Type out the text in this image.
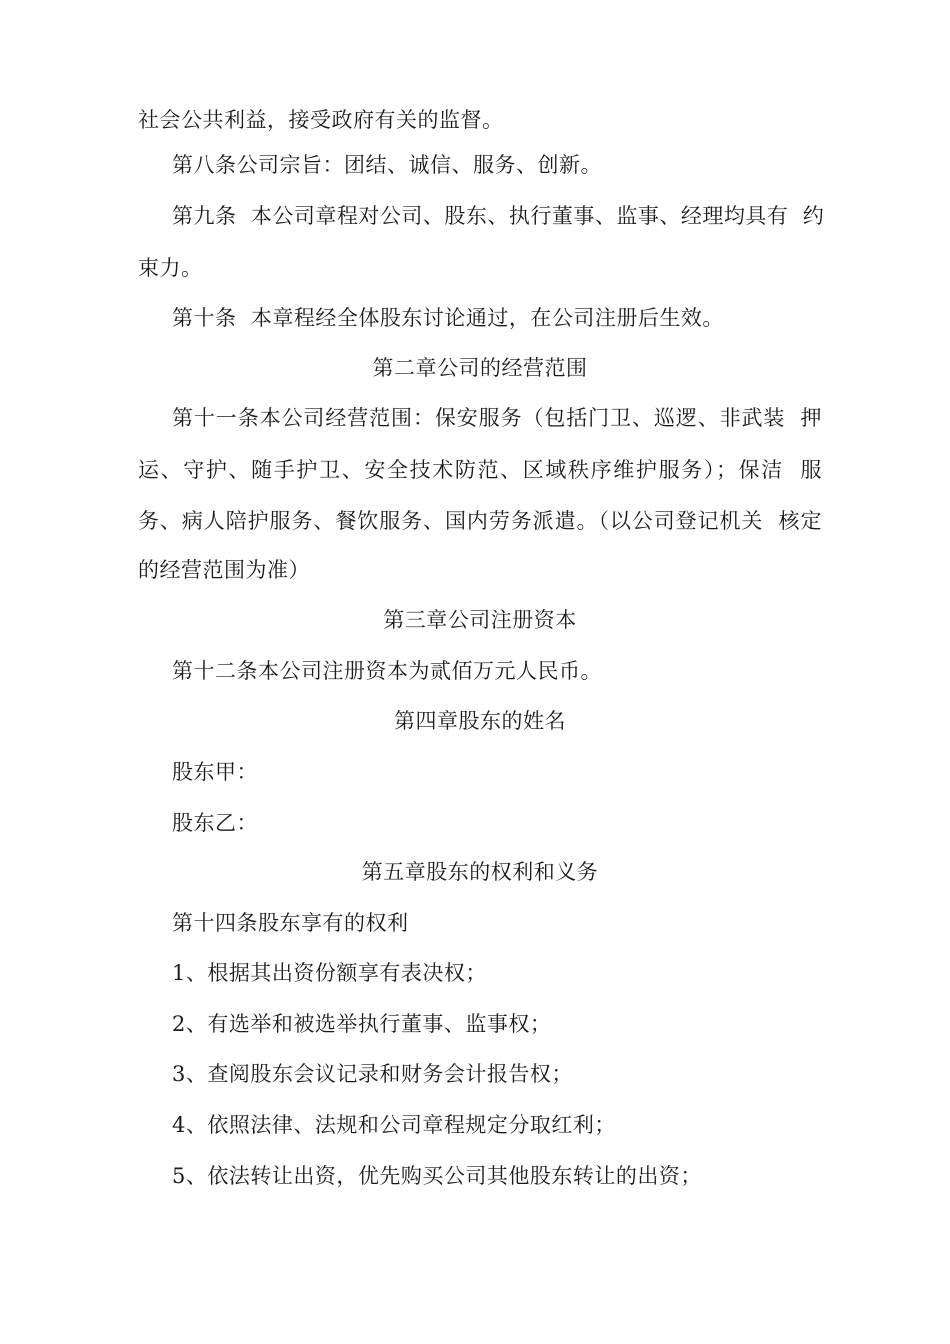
社会公共利益，接受政府有关的监督。
第八条公司宗旨：团结、诚信、服务、创新。
第九条  本公司章程对公司、股东、执行董事、监事、经理均具有  约
束力。
第十条  本章程经全体股东讨论通过，在公司注册后生效。
第二章公司的经营范围
第十一条本公司经营范围：保安服务（包括门卫、巡逻、非武装  押
运、守护、随手护卫、安全技术防范、区域秩序维护服务）；保洁  服
务、病人陪护服务、餐饮服务、国内劳务派遣。（以公司登记机关  核定
的经营范围为准）
第三章公司注册资本
第十二条本公司注册资本为贰佰万元人民币。
第四章股东的姓名
股东甲：
股东乙：
第五章股东的权利和义务
第十四条股东享有的权利
1、根据其出资份额享有表决权；
2、有选举和被选举执行董事、监事权；
3、查阅股东会议记录和财务会计报告权；
4、依照法律、法规和公司章程规定分取红利；
5、依法转让出资，优先购买公司其他股东转让的出资；
